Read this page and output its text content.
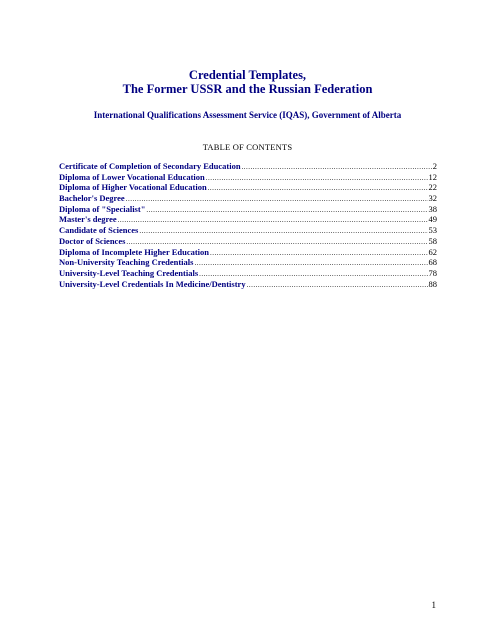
Credential Templates,
The Former USSR and the Russian Federation
International Qualifications Assessment Service (IQAS), Government of Alberta
TABLE OF CONTENTS
Certificate of Completion of Secondary Education .....	2
Diploma of Lower Vocational Education .....	12
Diploma of Higher Vocational Education .....	22
Bachelor's Degree .....	32
Diploma of "Specialist" .....	38
Master's degree .....	49
Candidate of Sciences .....	53
Doctor of Sciences .....	58
Diploma of Incomplete Higher Education .....	62
Non-University Teaching Credentials .....	68
University-Level Teaching Credentials .....	78
University-Level Credentials In Medicine/Dentistry .....	88
1
